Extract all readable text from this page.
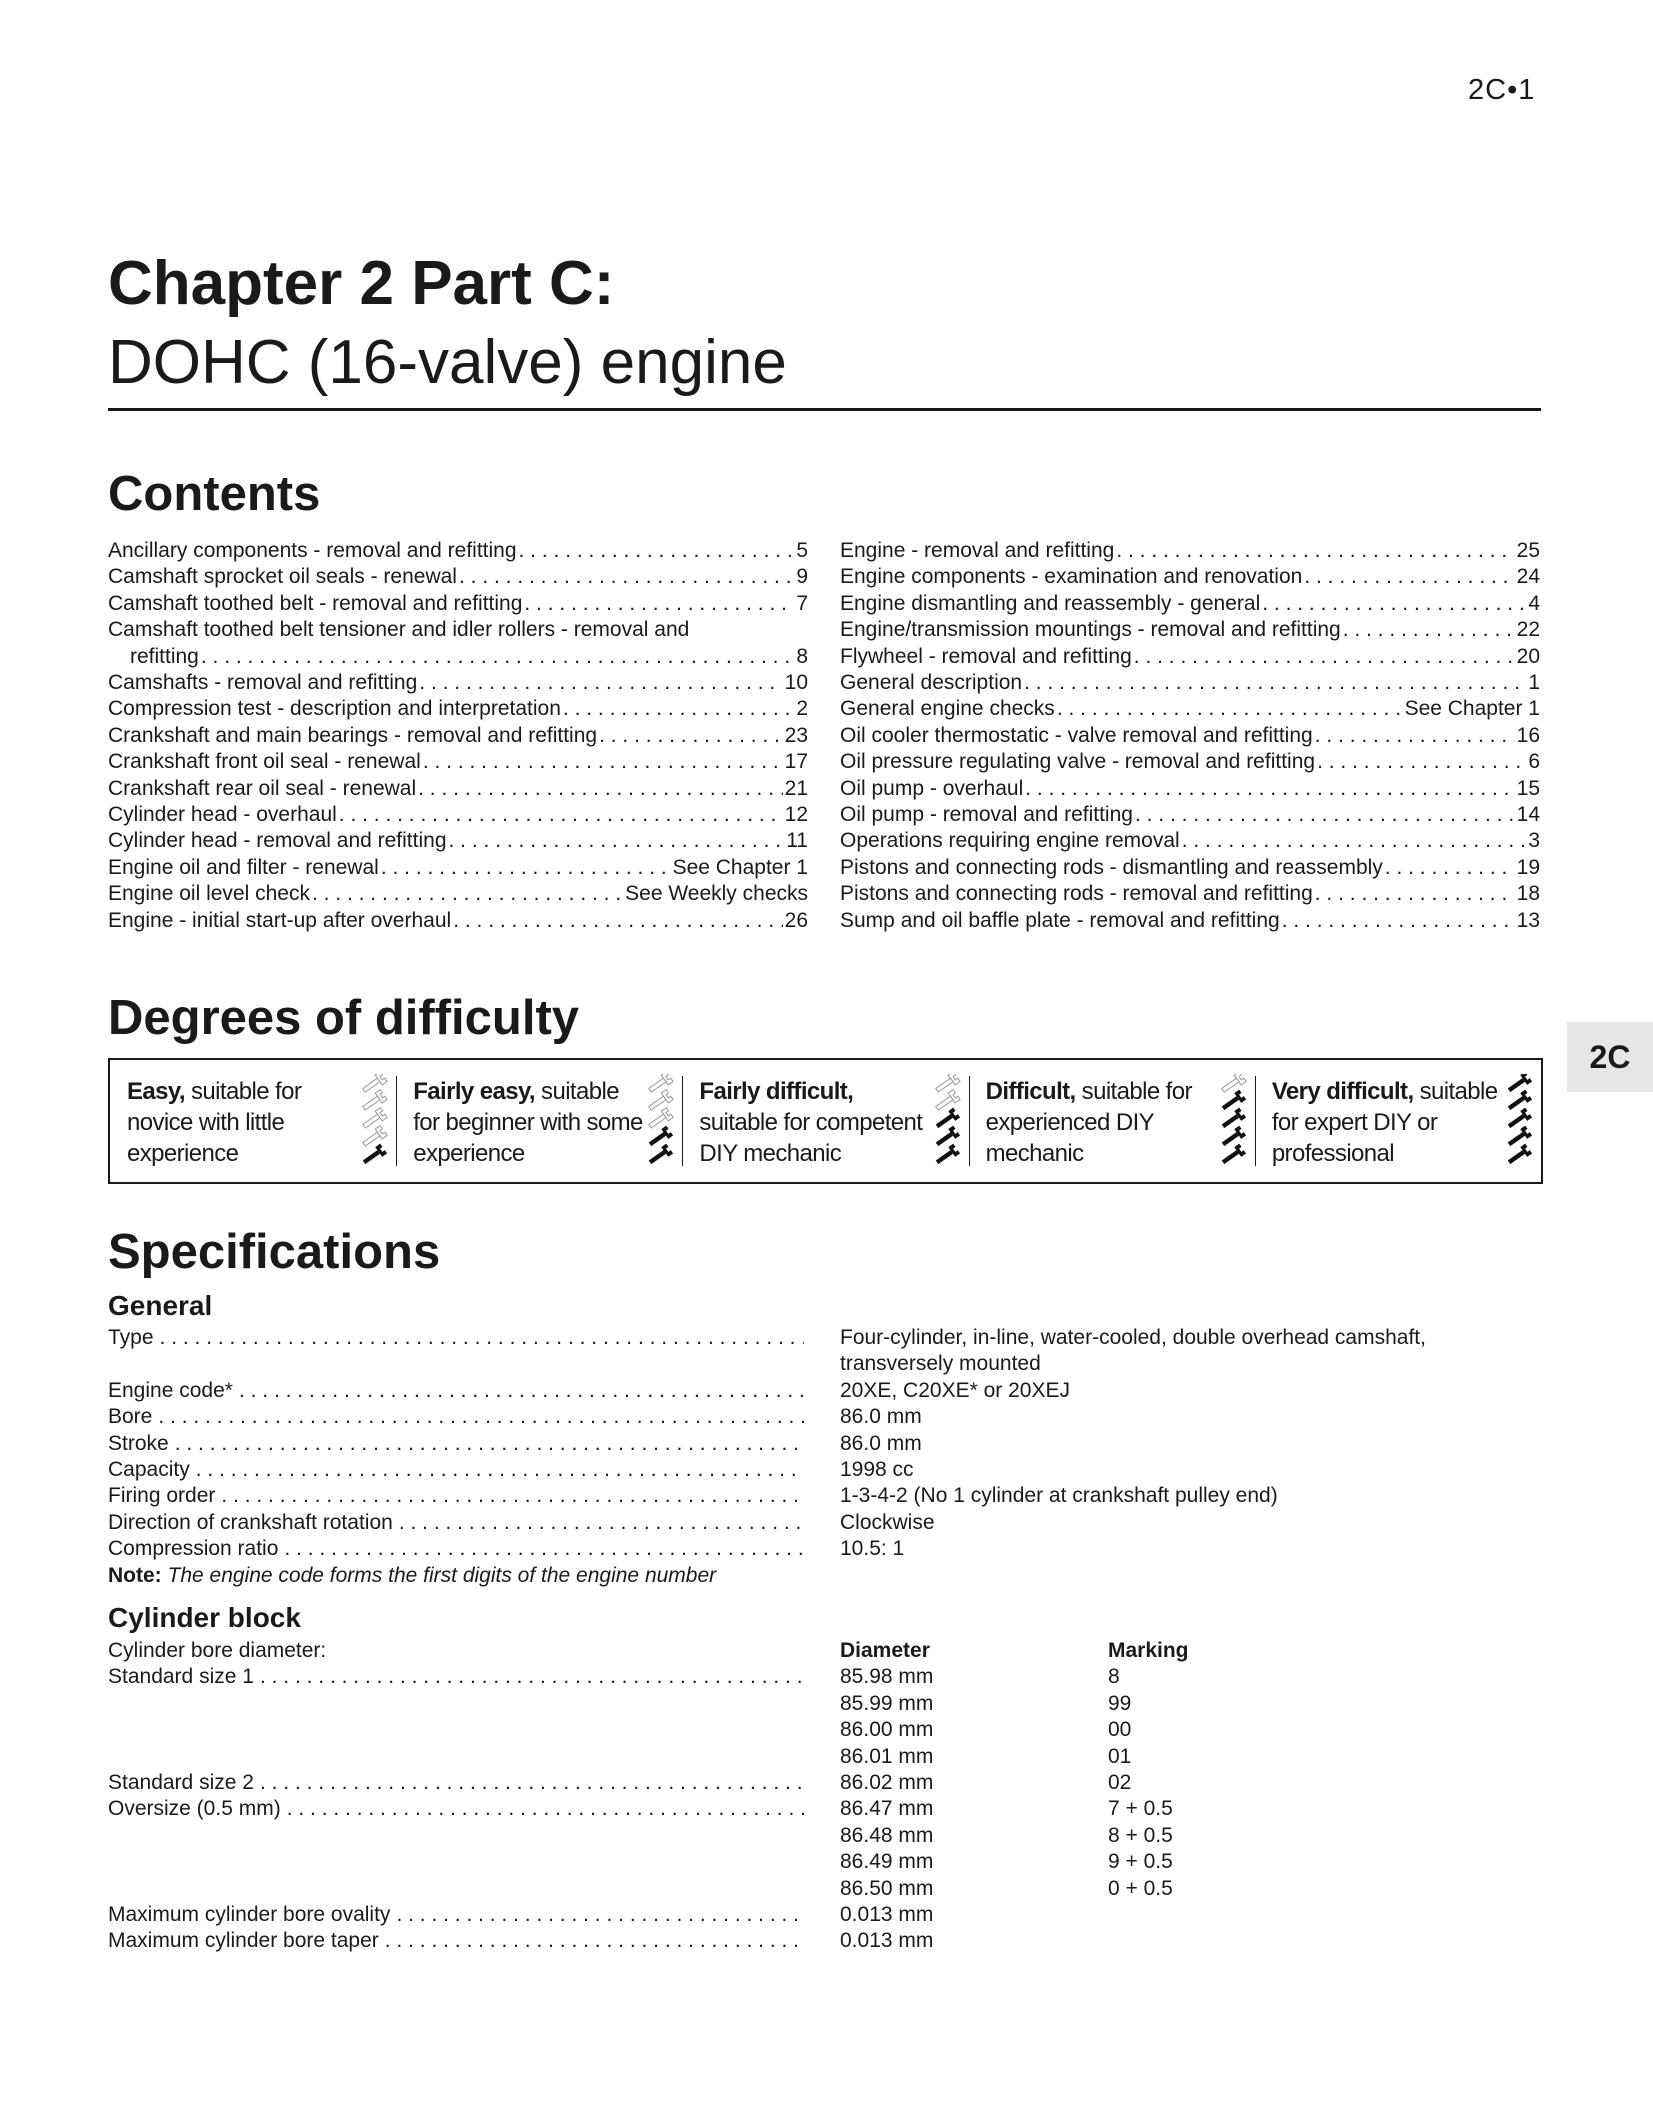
2C•1
Chapter 2 Part C:
DOHC (16-valve) engine
Contents
Ancillary components - removal and refitting . . .	5
Camshaft sprocket oil seals - renewal . . .	9
Camshaft toothed belt - removal and refitting . . .	7
Camshaft toothed belt tensioner and idler rollers - removal and
refitting . . .	8
Camshafts - removal and refitting . . .	10
Compression test - description and interpretation . . .	2
Crankshaft and main bearings - removal and refitting . . .	23
Crankshaft front oil seal - renewal . . .	17
Crankshaft rear oil seal - renewal . . .	21
Cylinder head - overhaul . . .	12
Cylinder head - removal and refitting . . .	11
Engine oil and filter - renewal . . .	See Chapter 1
Engine oil level check . . .	See Weekly checks
Engine - initial start-up after overhaul . . .	26
Engine - removal and refitting . . .	25
Engine components - examination and renovation . . .	24
Engine dismantling and reassembly - general . . .	4
Engine/transmission mountings - removal and refitting . . .	22
Flywheel - removal and refitting . . .	20
General description . . .	1
General engine checks . . .	See Chapter 1
Oil cooler thermostatic - valve removal and refitting . . .	16
Oil pressure regulating valve - removal and refitting . . .	6
Oil pump - overhaul . . .	15
Oil pump - removal and refitting . . .	14
Operations requiring engine removal . . .	3
Pistons and connecting rods - dismantling and reassembly . . .	19
Pistons and connecting rods - removal and refitting . . .	18
Sump and oil baffle plate - removal and refitting . . .	13
2C
Degrees of difficulty
Easy, suitable for novice with little experience
Fairly easy, suitable for beginner with some experience
Fairly difficult, suitable for competent DIY mechanic
Difficult, suitable for experienced DIY mechanic
Very difficult, suitable for expert DIY or professional
Specifications
General
Type . . .	Four-cylinder, in-line, water-cooled, double overhead camshaft,
transversely mounted
Engine code* . . .	20XE, C20XE* or 20XEJ
Bore . . .	86.0 mm
Stroke . . .	86.0 mm
Capacity . . .	1998 cc
Firing order . . .	1-3-4-2 (No 1 cylinder at crankshaft pulley end)
Direction of crankshaft rotation . . .	Clockwise
Compression ratio . . .	10.5: 1
Note: The engine code forms the first digits of the engine number
Cylinder block
Cylinder bore diameter:	Diameter	Marking
Standard size 1 . . .	85.98 mm	8
85.99 mm	99
86.00 mm	00
86.01 mm	01
Standard size 2 . . .	86.02 mm	02
Oversize (0.5 mm) . . .	86.47 mm	7 + 0.5
86.48 mm	8 + 0.5
86.49 mm	9 + 0.5
86.50 mm	0 + 0.5
Maximum cylinder bore ovality . . .	0.013 mm
Maximum cylinder bore taper . . .	0.013 mm
